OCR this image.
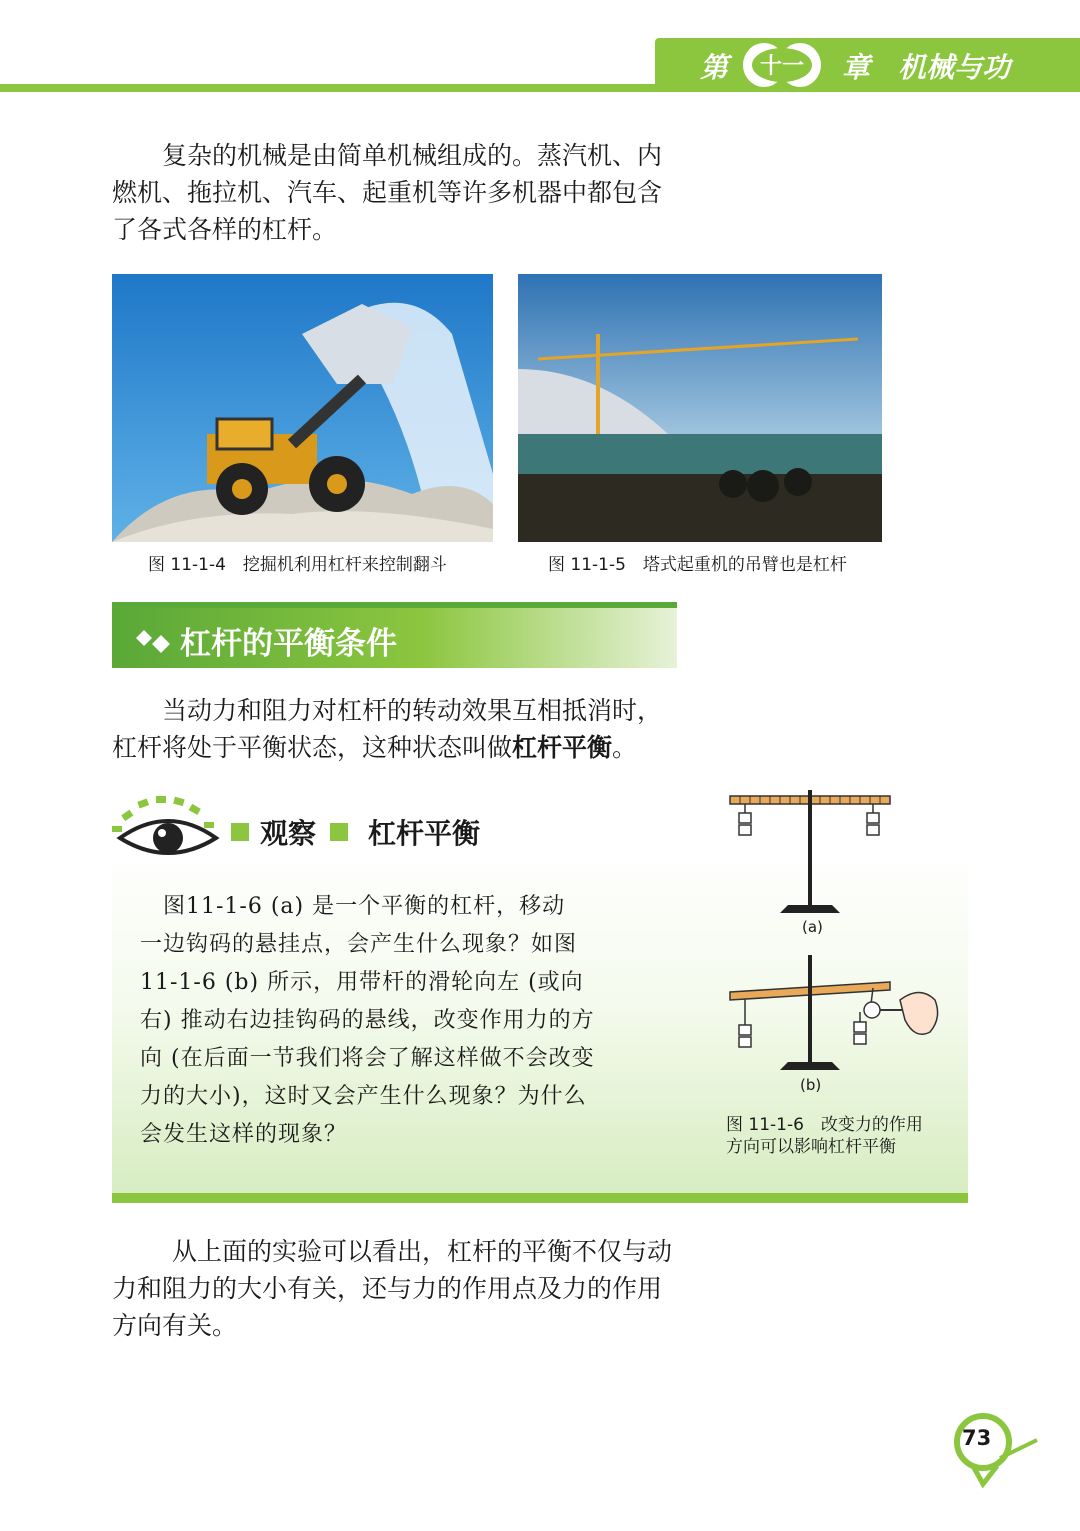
第 十一 章 机械与功
复杂的机械是由简单机械组成的。蒸汽机、内
燃机、拖拉机、汽车、起重机等许多机器中都包含
了各式各样的杠杆。
图 11-1-4　挖掘机利用杠杆来控制翻斗	图 11-1-5　塔式起重机的吊臂也是杠杆
杠杆的平衡条件
当动力和阻力对杠杆的转动效果互相抵消时，
杠杆将处于平衡状态，这种状态叫做杠杆平衡。
观察 杠杆平衡
　图11-1-6 (a) 是一个平衡的杠杆，移动
一边钩码的悬挂点，会产生什么现象？如图
11-1-6 (b) 所示，用带杆的滑轮向左 (或向
右) 推动右边挂钩码的悬线，改变作用力的方
向 (在后面一节我们将会了解这样做不会改变
力的大小)，这时又会产生什么现象？为什么
会发生这样的现象？
(a)
(b)
图 11-1-6　改变力的作用
方向可以影响杠杆平衡
从上面的实验可以看出，杠杆的平衡不仅与动
力和阻力的大小有关，还与力的作用点及力的作用
方向有关。
73
